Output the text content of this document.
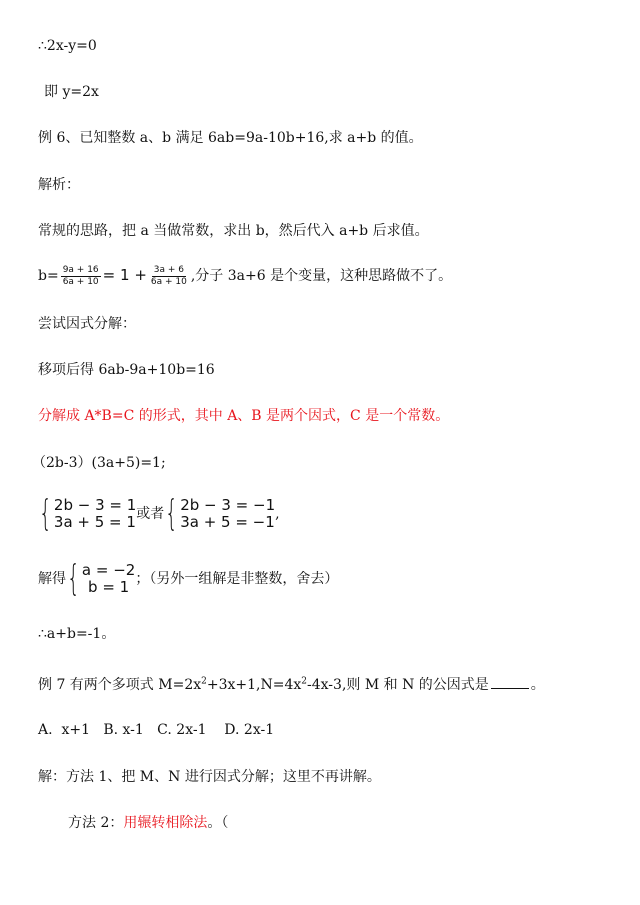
∴2x-y=0
即 y=2x
例 6、已知整数 a、b 满足 6ab=9a-10b+16,求 a+b 的值。
解析：
常规的思路，把 a 当做常数，求出 b，然后代入 a+b 后求值。
$b= \frac{9a + 16}{6a + 10} = 1 + \frac{3a + 6}{6a + 10}$ ,分子 3a+6 是个变量，这种思路做不了。
尝试因式分解：
移项后得 6ab-9a+10b=16
分解成 A*B=C 的形式，其中 A、B 是两个因式，C 是一个常数。
（2b-3）(3a+5)=1;
{ 2b − 3 = 1
3a + 5 = 1 或者 { 2b − 3 = −1
3a + 5 = −1 ,
解得 { a = −2
b = 1 ；（另外一组解是非整数，舍去）
∴a+b=-1。
例 7 有两个多项式 $M=2x^2+3x+1,N=4x^2-4x-3$,则 M 和 N 的公因式是	。
A.  x+1   B. x-1   C. 2x-1    D. 2x-1
解：方法 1、把 M、N 进行因式分解；这里不再讲解。
方法 2：用辗转相除法。（
